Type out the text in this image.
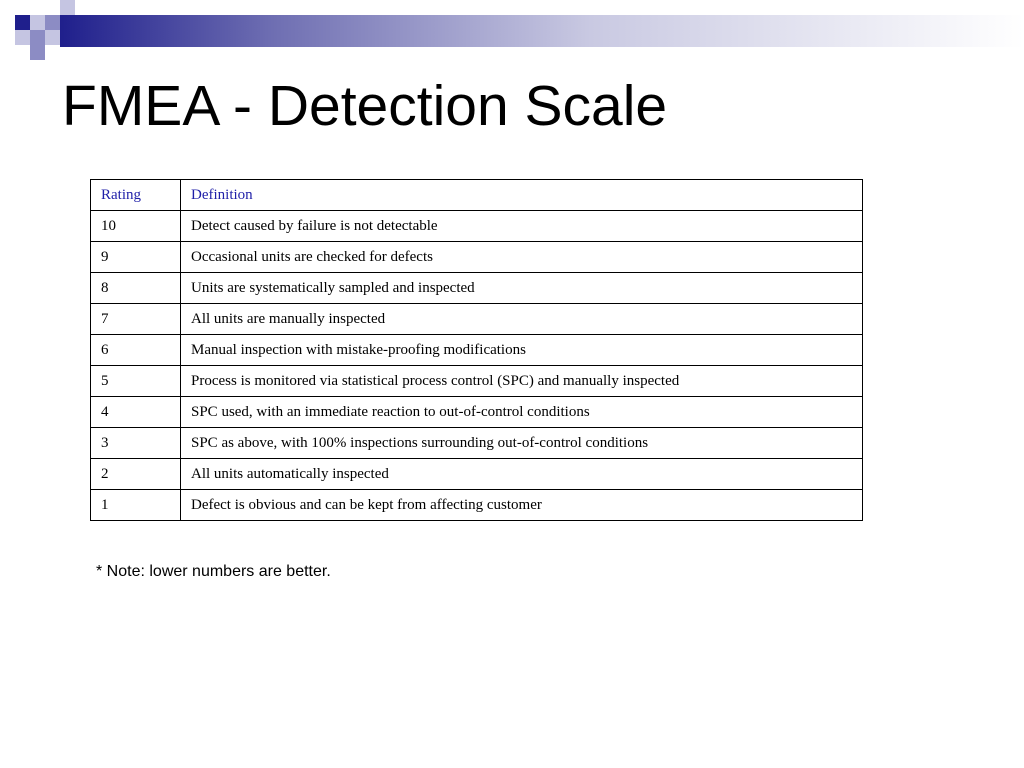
FMEA - Detection Scale
Rating	Definition
10	Detect caused by failure is not detectable
9	Occasional units are checked for defects
8	Units are systematically sampled and inspected
7	All units are manually inspected
6	Manual inspection with mistake-proofing modifications
5	Process is monitored via statistical process control (SPC) and manually inspected
4	SPC used, with an immediate reaction to out-of-control conditions
3	SPC as above, with 100% inspections surrounding out-of-control conditions
2	All units automatically inspected
1	Defect is obvious and can be kept from affecting customer
* Note: lower numbers are better.
